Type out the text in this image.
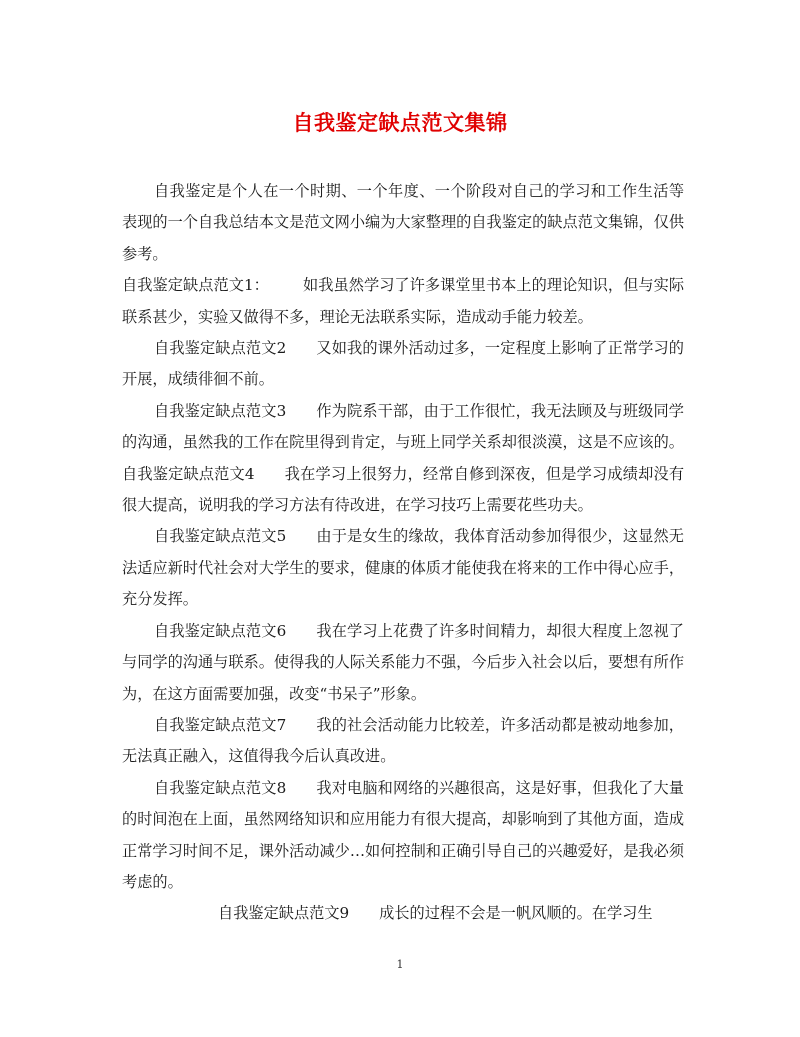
自我鉴定缺点范文集锦

自我鉴定是个人在一个时期、一个年度、一个阶段对自己的学习和工作生活等表现的一个自我总结本文是范文网小编为大家整理的自我鉴定的缺点范文集锦，仅供参考。

自我鉴定缺点范文1： 如我虽然学习了许多课堂里书本上的理论知识，但与实际联系甚少，实验又做得不多，理论无法联系实际，造成动手能力较差。

自我鉴定缺点范文2 又如我的课外活动过多，一定程度上影响了正常学习的开展，成绩徘徊不前。

自我鉴定缺点范文3 作为院系干部，由于工作很忙，我无法顾及与班级同学的沟通，虽然我的工作在院里得到肯定，与班上同学关系却很淡漠，这是不应该的。

自我鉴定缺点范文4 我在学习上很努力，经常自修到深夜，但是学习成绩却没有很大提高，说明我的学习方法有待改进，在学习技巧上需要花些功夫。

自我鉴定缺点范文5 由于是女生的缘故，我体育活动参加得很少，这显然无法适应新时代社会对大学生的要求，健康的体质才能使我在将来的工作中得心应手，充分发挥。

自我鉴定缺点范文6 我在学习上花费了许多时间精力，却很大程度上忽视了与同学的沟通与联系。使得我的人际关系能力不强，今后步入社会以后，要想有所作为，在这方面需要加强，改变“书呆子”形象。

自我鉴定缺点范文7 我的社会活动能力比较差，许多活动都是被动地参加，无法真正融入，这值得我今后认真改进。

自我鉴定缺点范文8 我对电脑和网络的兴趣很高，这是好事，但我化了大量的时间泡在上面，虽然网络知识和应用能力有很大提高，却影响到了其他方面，造成正常学习时间不足，课外活动减少…如何控制和正确引导自己的兴趣爱好，是我必须考虑的。

自我鉴定缺点范文9 成长的过程不会是一帆风顺的。在学习生

1
